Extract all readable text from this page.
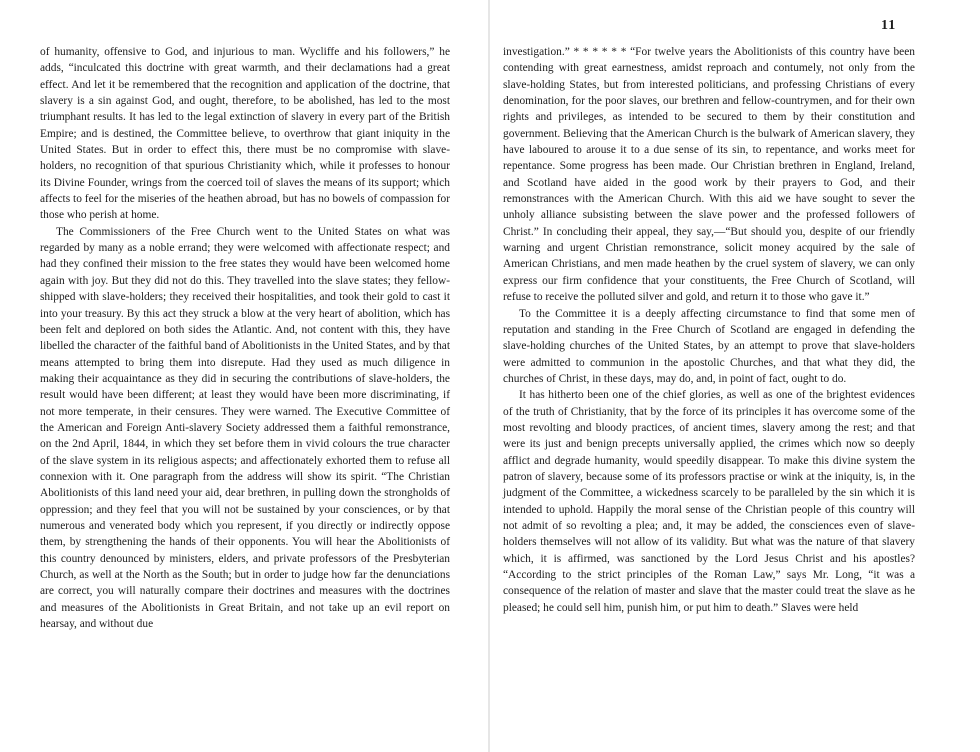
11

of humanity, offensive to God, and injurious to man. Wycliffe and his followers,” he adds, “inculcated this doctrine with great warmth, and their declamations had a great effect. And let it be remembered that the recognition and application of the doctrine, that slavery is a sin against God, and ought, therefore, to be abolished, has led to the most triumphant results. It has led to the legal extinction of slavery in every part of the British Empire; and is destined, the Committee believe, to overthrow that giant iniquity in the United States. But in order to effect this, there must be no compromise with slave-holders, no recognition of that spurious Christianity which, while it professes to honour its Divine Founder, wrings from the coerced toil of slaves the means of its support; which affects to feel for the miseries of the heathen abroad, but has no bowels of compassion for those who perish at home.

The Commissioners of the Free Church went to the United States on what was regarded by many as a noble errand; they were welcomed with affectionate respect; and had they confined their mission to the free states they would have been welcomed home again with joy. But they did not do this. They travelled into the slave states; they fellow-shipped with slave-holders; they received their hospitalities, and took their gold to cast it into your treasury. By this act they struck a blow at the very heart of abolition, which has been felt and deplored on both sides the Atlantic. And, not content with this, they have libelled the character of the faithful band of Abolitionists in the United States, and by that means attempted to bring them into disrepute. Had they used as much diligence in making their acquaintance as they did in securing the contributions of slave-holders, the result would have been different; at least they would have been more discriminating, if not more temperate, in their censures. They were warned. The Executive Committee of the American and Foreign Anti-slavery Society addressed them a faithful remonstrance, on the 2nd April, 1844, in which they set before them in vivid colours the true character of the slave system in its religious aspects; and affectionately exhorted them to refuse all connexion with it. One paragraph from the address will show its spirit. “The Christian Abolitionists of this land need your aid, dear brethren, in pulling down the strongholds of oppression; and they feel that you will not be sustained by your consciences, or by that numerous and venerated body which you represent, if you directly or indirectly oppose them, by strengthening the hands of their opponents. You will hear the Abolitionists of this country denounced by ministers, elders, and private professors of the Presbyterian Church, as well at the North as the South; but in order to judge how far the denunciations are correct, you will naturally compare their doctrines and measures with the doctrines and measures of the Abolitionists in Great Britain, and not take up an evil report on hearsay, and without due

investigation.” * * * * * * “For twelve years the Abolitionists of this country have been contending with great earnestness, amidst reproach and contumely, not only from the slave-holding States, but from interested politicians, and professing Christians of every denomination, for the poor slaves, our brethren and fellow-countrymen, and for their own rights and privileges, as intended to be secured to them by their constitution and government. Believing that the American Church is the bulwark of American slavery, they have laboured to arouse it to a due sense of its sin, to repentance, and works meet for repentance. Some progress has been made. Our Christian brethren in England, Ireland, and Scotland have aided in the good work by their prayers to God, and their remonstrances with the American Church. With this aid we have sought to sever the unholy alliance subsisting between the slave power and the professed followers of Christ.” In concluding their appeal, they say,—“But should you, despite of our friendly warning and urgent Christian remonstrance, solicit money acquired by the sale of American Christians, and men made heathen by the cruel system of slavery, we can only express our firm confidence that your constituents, the Free Church of Scotland, will refuse to receive the polluted silver and gold, and return it to those who gave it.”

To the Committee it is a deeply affecting circumstance to find that some men of reputation and standing in the Free Church of Scotland are engaged in defending the slave-holding churches of the United States, by an attempt to prove that slave-holders were admitted to communion in the apostolic Churches, and that what they did, the churches of Christ, in these days, may do, and, in point of fact, ought to do.

It has hitherto been one of the chief glories, as well as one of the brightest evidences of the truth of Christianity, that by the force of its principles it has overcome some of the most revolting and bloody practices, of ancient times, slavery among the rest; and that were its just and benign precepts universally applied, the crimes which now so deeply afflict and degrade humanity, would speedily disappear. To make this divine system the patron of slavery, because some of its professors practise or wink at the iniquity, is, in the judgment of the Committee, a wickedness scarcely to be paralleled by the sin which it is intended to uphold. Happily the moral sense of the Christian people of this country will not admit of so revolting a plea; and, it may be added, the consciences even of slave-holders themselves will not allow of its validity. But what was the nature of that slavery which, it is affirmed, was sanctioned by the Lord Jesus Christ and his apostles? “According to the strict principles of the Roman Law,” says Mr. Long, “it was a consequence of the relation of master and slave that the master could treat the slave as he pleased; he could sell him, punish him, or put him to death.” Slaves were held
